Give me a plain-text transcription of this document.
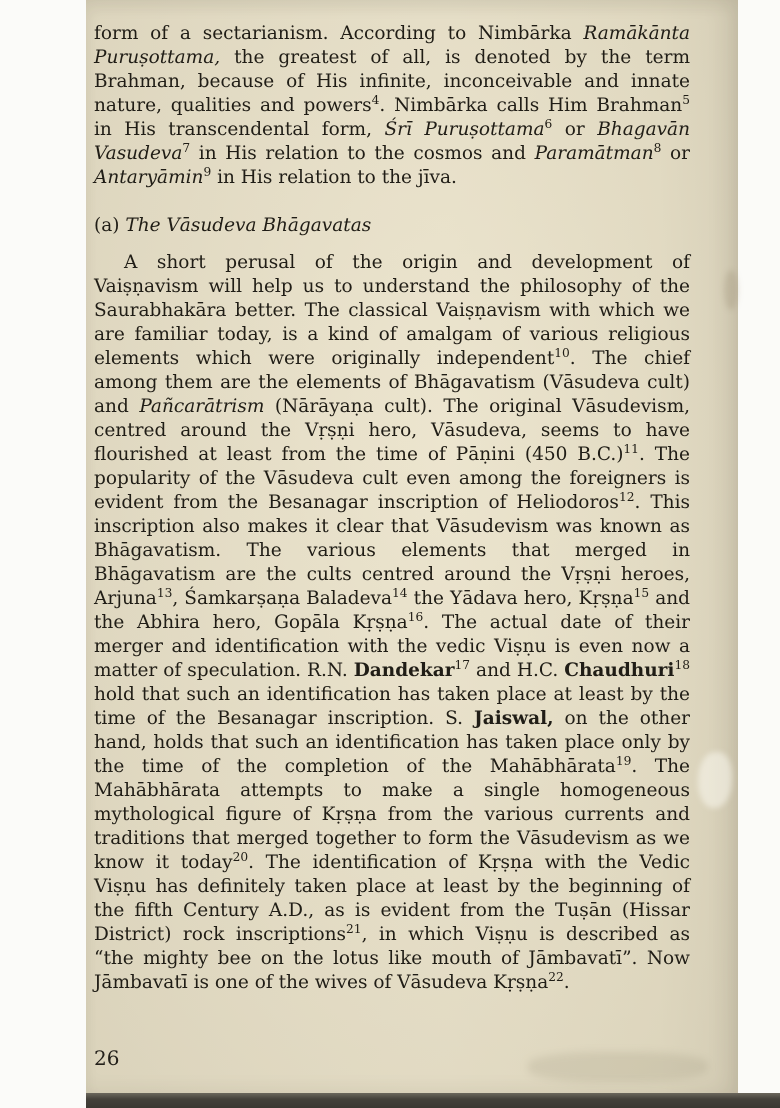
form of a sectarianism. According to Nimbārka Ramākānta Puruṣottama, the greatest of all, is denoted by the term Brahman, because of His infinite, inconceivable and innate nature, qualities and powers$^4$. Nimbārka calls Him Brahman$^5$ in His transcendental form, Śrī Puruṣottama$^6$ or Bhagavān Vasudeva$^7$ in His relation to the cosmos and Paramātman$^8$ or Antaryāmin$^9$ in His relation to the jīva.

(a) The Vāsudeva Bhāgavatas

A short perusal of the origin and development of Vaiṣṇavism will help us to understand the philosophy of the Saurabhakāra better. The classical Vaiṣṇavism with which we are familiar today, is a kind of amalgam of various religious elements which were originally independent$^{10}$. The chief among them are the elements of Bhāgavatism (Vāsudeva cult) and Pañcarātrism (Nārāyaṇa cult). The original Vāsudevism, centred around the Vṛṣṇi hero, Vāsudeva, seems to have flourished at least from the time of Pāṇini (450 B.C.)$^{11}$. The popularity of the Vāsudeva cult even among the foreigners is evident from the Besanagar inscription of Heliodoros$^{12}$. This inscription also makes it clear that Vāsudevism was known as Bhāgavatism. The various elements that merged in Bhāgavatism are the cults centred around the Vṛṣṇi heroes, Arjuna$^{13}$, Śamkarṣaṇa Baladeva$^{14}$ the Yādava hero, Kṛṣṇa$^{15}$ and the Abhira hero, Gopāla Kṛṣṇa$^{16}$. The actual date of their merger and identification with the vedic Viṣṇu is even now a matter of speculation. R.N. Dandekar$^{17}$ and H.C. Chaudhuri$^{18}$ hold that such an identification has taken place at least by the time of the Besanagar inscription. S. Jaiswal, on the other hand, holds that such an identification has taken place only by the time of the completion of the Mahābhārata$^{19}$. The Mahābhārata attempts to make a single homogeneous mythological figure of Kṛṣṇa from the various currents and traditions that merged together to form the Vāsudevism as we know it today$^{20}$. The identification of Kṛṣṇa with the Vedic Viṣṇu has definitely taken place at least by the beginning of the fifth Century A.D., as is evident from the Tuṣān (Hissar District) rock inscriptions$^{21}$, in which Viṣṇu is described as “the mighty bee on the lotus like mouth of Jāmbavatī”. Now Jāmbavatī is one of the wives of Vāsudeva Kṛṣṇa$^{22}$.

26
